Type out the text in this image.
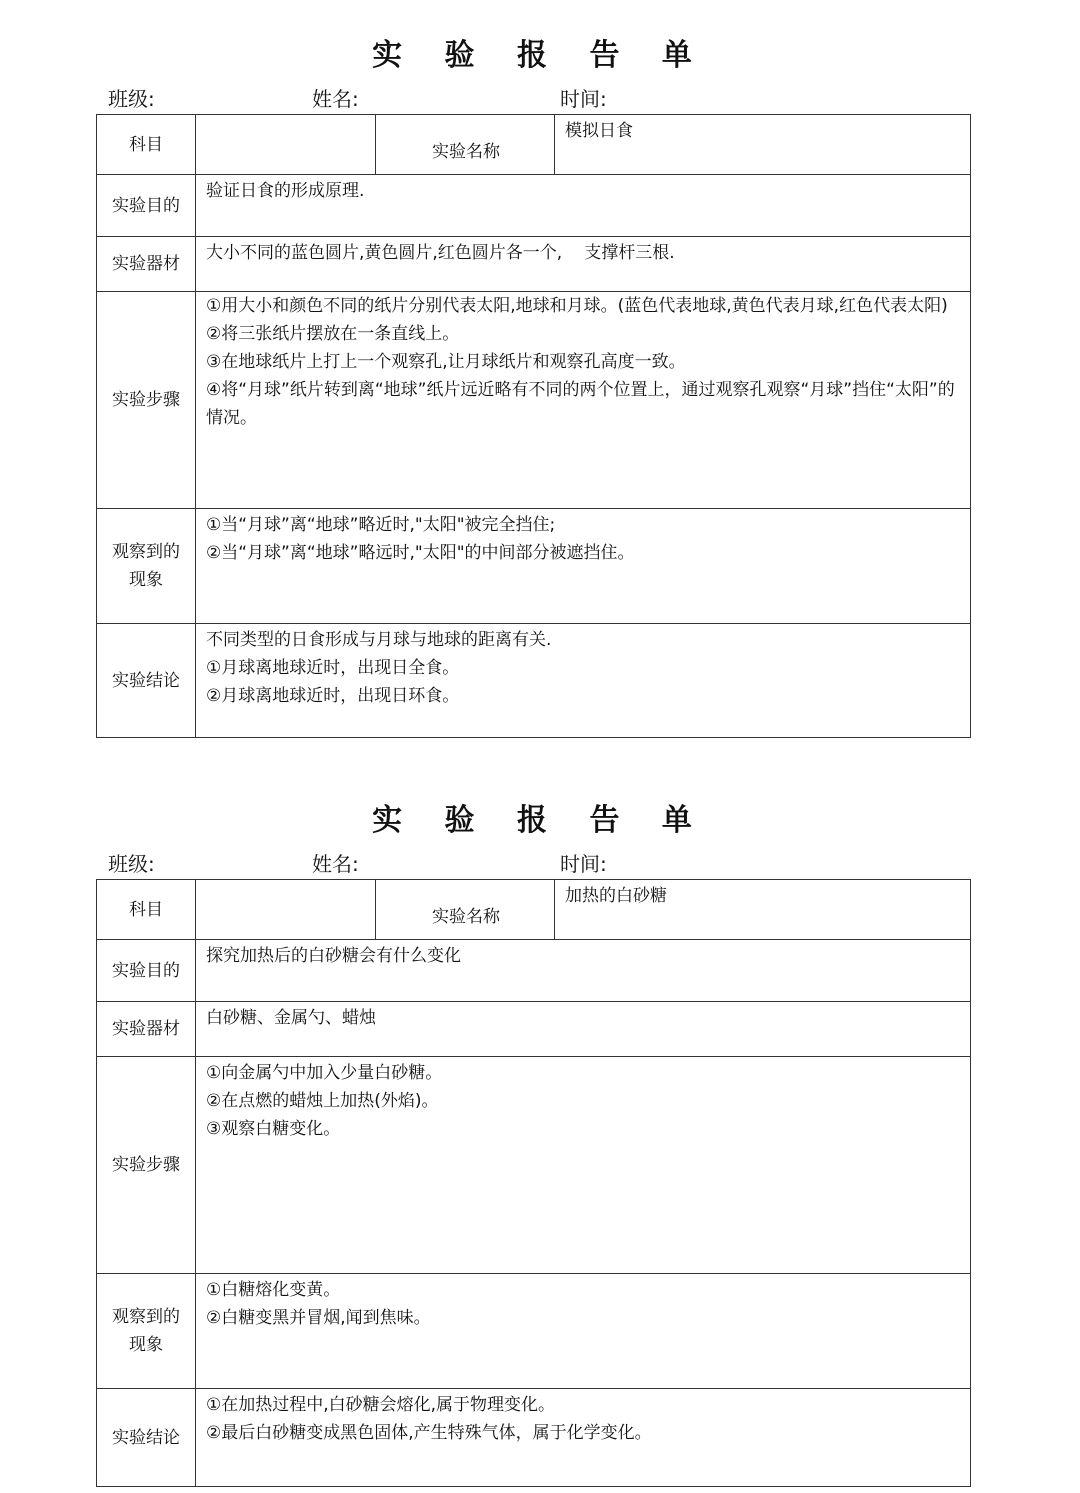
实 验 报 告 单
班级:	姓名:	时间:
科目		实验名称	模拟日食
实验目的	验证日食的形成原理.		
实验器材	大小不同的蓝色圆片,黄色圆片,红色圆片各一个, 支撑杆三根.		
实验步骤	①用大小和颜色不同的纸片分别代表太阳,地球和月球。(蓝色代表地球,黄色代表月球,红色代表太阳)
②将三张纸片摆放在一条直线上。
③在地球纸片上打上一个观察孔,让月球纸片和观察孔高度一致。
④将“月球”纸片转到离“地球”纸片远近略有不同的两个位置上，通过观察孔观察“月球”挡住“太阳”的情况。		

观察到的
现象	①当“月球”离“地球”略近时,"太阳"被完全挡住;
②当“月球”离“地球”略远时,"太阳"的中间部分被遮挡住。		

实验结论	不同类型的日食形成与月球与地球的距离有关.
①月球离地球近时，出现日全食。
②月球离地球近时，出现日环食。		
实 验 报 告 单
班级:	姓名:	时间:
科目		实验名称	加热的白砂糖
实验目的	探究加热后的白砂糖会有什么变化		
实验器材	白砂糖、金属勺、蜡烛		
实验步骤	①向金属勺中加入少量白砂糖。
②在点燃的蜡烛上加热(外焰)。
③观察白糖变化。		

观察到的
现象	①白糖熔化变黄。
②白糖变黑并冒烟,闻到焦味。		

实验结论	①在加热过程中,白砂糖会熔化,属于物理变化。
②最后白砂糖变成黑色固体,产生特殊气体，属于化学变化。		
